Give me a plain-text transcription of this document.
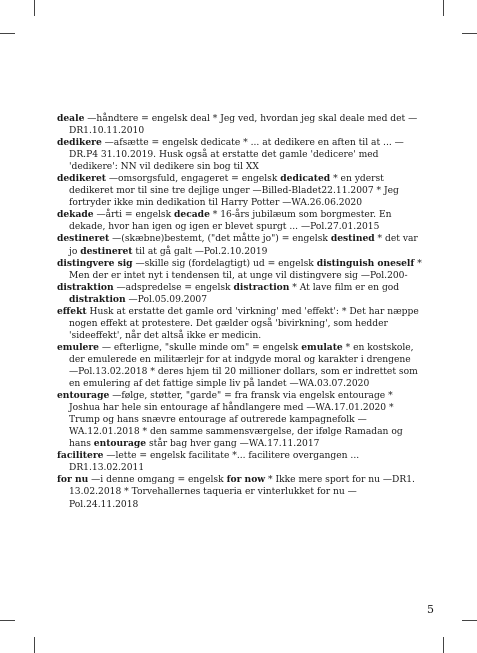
deale —håndtere = engelsk deal * Jeg ved, hvordan jeg skal deale med det — DR1.10.11.2010

dedikere —afsætte = engelsk dedicate * ... at dedikere en aften til at ... —DR.P4 31.10.2019. Husk også at erstatte det gamle 'dedicere' med 'dedikere': NN vil dedikere sin bog til XX

dedikeret —omsorgsfuld, engageret = engelsk dedicated * en yderst dedikeret mor til sine tre dejlige unger —Billed-Bladet22.11.2007 * Jeg fortryder ikke min dedikation til Harry Potter —WA.26.06.2020

dekade —årti = engelsk decade * 16-års jubilæum som borgmester. En dekade, hvor han igen og igen er blevet spurgt ... —Pol.27.01.2015

destineret —(skæbne)bestemt, ("det måtte jo") = engelsk destined * det var jo destineret til at gå galt —Pol.2.10.2019

distingvere sig —skille sig (fordelagtigt) ud = engelsk distinguish oneself * Men der er intet nyt i tendensen til, at unge vil distingvere sig —Pol.200-

distraktion —adspredelse = engelsk distraction * At lave film er en god distraktion —Pol.05.09.2007

effekt Husk at erstatte det gamle ord 'virkning' med 'effekt': * Det har næppe nogen effekt at protestere. Det gælder også 'bivirkning', som hedder 'sideeffekt', når det altså ikke er medicin.

emulere — efterligne, "skulle minde om" = engelsk emulate * en kostskole, der emulerede en militærlejr for at indgyde moral og karakter i drengene —Pol.13.02.2018 * deres hjem til 20 millioner dollars, som er indrettet som en emulering af det fattige simple liv på landet —WA.03.07.2020

entourage —følge, støtter, "garde" = fra fransk via engelsk entourage * Joshua har hele sin entourage af håndlangere med —WA.17.01.2020 * Trump og hans snævre entourage af outrerede kampagnefolk —WA.12.01.2018 * den samme sammensværgelse, der ifølge Ramadan og hans entourage står bag hver gang —WA.17.11.2017

facilitere —lette = engelsk facilitate *... facilitere overgangen ... DR1.13.02.2011

for nu —i denne omgang = engelsk for now * Ikke mere sport for nu —DR1. 13.02.2018 * Torvehallernes taqueria er vinterlukket for nu —Pol.24.11.2018

5
